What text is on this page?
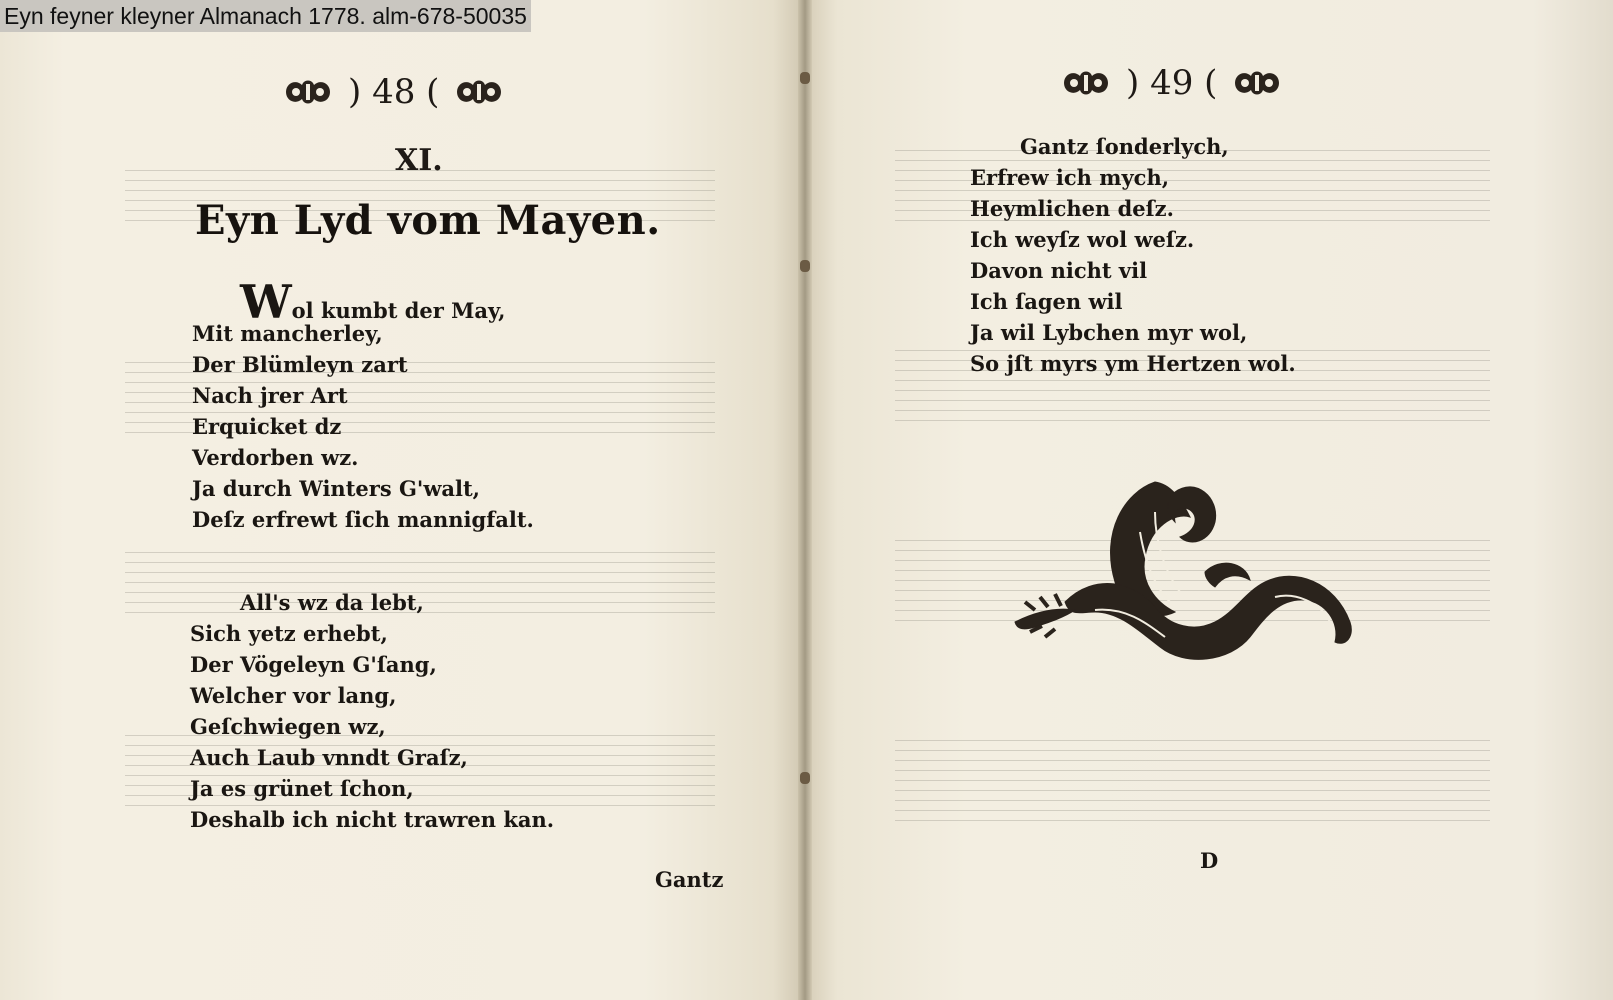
) 48 (
XI.
Eyn Lyd vom Mayen.
Wol kumbt der May,
Mit mancherley,
Der Blümleyn zart
Nach jrer Art
Erquicket dz
Verdorben wz.
Ja durch Winters G'walt,
Deſz erfrewt ſich mannigfalt.
All's wz da lebt,
Sich yetz erhebt,
Der Vögeleyn G'ſang,
Welcher vor lang,
Geſchwiegen wz,
Auch Laub vnndt Graſz,
Ja es grünet ſchon,
Deshalb ich nicht trawren kan.
Gantz
) 49 (
Gantz ſonderlych,
Erfrew ich mych,
Heymlichen deſz.
Ich weyſz wol weſz.
Davon nicht vil
Ich ſagen wil
Ja wil Lybchen myr wol,
So jſt myrs ym Hertzen wol.
D
Eyn feyner kleyner Almanach 1778. alm-678-50035
